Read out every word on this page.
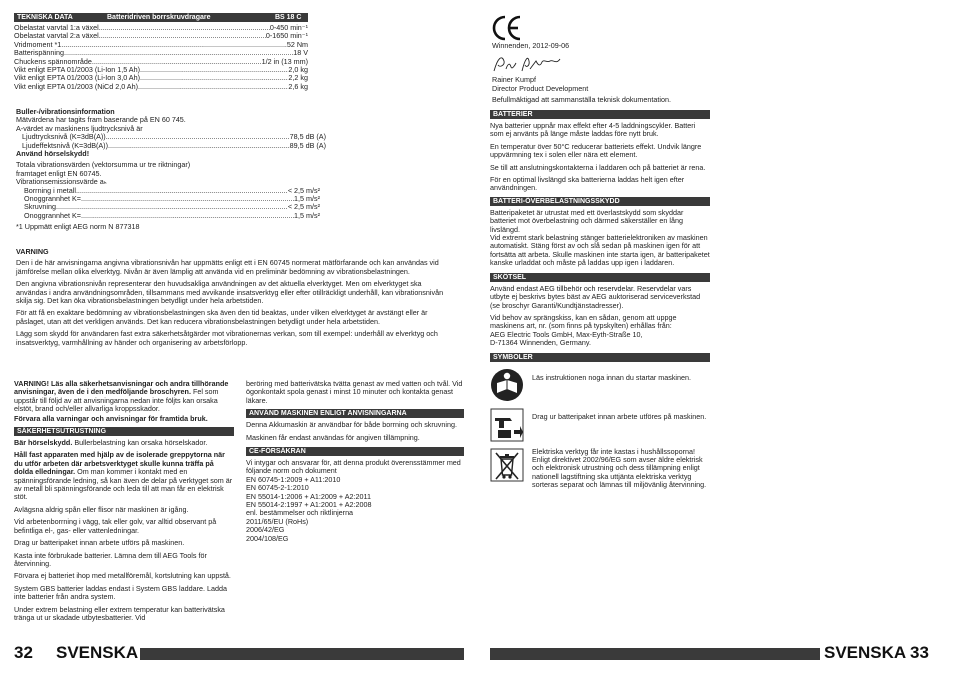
TEKNISKA DATA	Batteridriven borrskruvdragare	BS 18 C
Obelastat varvtal 1:a växel .....	0-450 min⁻¹
Obelastat varvtal 2:a växel .....	0-1650 min⁻¹
Vridmoment *1 .....	52 Nm
Batterispänning .....	18 V
Chuckens spännområde .....	1/2 in (13 mm)
Vikt enligt EPTA 01/2003 (Li-Ion 1,5 Ah) .....	2,0 kg
Vikt enligt EPTA 01/2003 (Li-Ion 3,0 Ah) .....	2,2 kg
Vikt enligt EPTA 01/2003 (NiCd 2,0 Ah) .....	2,6 kg
Buller-/vibrationsinformation
Mätvärdena har tagits fram baserande på EN 60 745.
A-värdet av maskinens ljudtrycksnivå är
Ljudtrycksnivå (K=3dB(A)) .....	78,5 dB (A)
Ljudeffektsnivå (K=3dB(A)) .....	89,5 dB (A)
Använd hörselskydd!
Totala vibrationsvärden (vektorsumma ur tre riktningar)
framtaget enligt EN 60745.
Vibrationsemissionsvärde aₕ
Borrning i metall .....	< 2,5 m/s²
Onoggrannhet K= .....	1,5 m/s²
Skruvning .....	< 2,5 m/s²
Onoggrannhet K= .....	1,5 m/s²
*1 Uppmätt enligt AEG norm N 877318
VARNING

Den i de här anvisningarna angivna vibrationsnivån har uppmätts enligt ett i EN 60745 normerat mätförfarande och kan användas vid jämförelse mellan olika elverktyg. Nivån är även lämplig att använda vid en preliminär bedömning av vibrationsbelastningen.

Den angivna vibrationsnivån representerar den huvudsakliga användningen av det aktuella elverktyget. Men om elverktyget ska användas i andra användningsområden, tillsammans med avvikande insatsverktyg eller efter otillräckligt underhåll, kan vibrationsnivån skilja sig. Det kan öka vibrationsbelastningen betydligt under hela arbetstiden.

För att få en exaktare bedömning av vibrationsbelastningen ska även den tid beaktas, under vilken elverktyget är avstängt eller är påslaget, utan att det verkligen används. Det kan reducera vibrationsbelastningen betydligt under hela arbetstiden.

Lägg som skydd för användaren fast extra säkerhetsåtgärder mot vibrationernas verkan, som till exempel: underhåll av elverktyg och insatsverktyg, varmhållning av händer och organisering av arbetsförlopp.

VARNING! Läs alla säkerhetsanvisningar och andra tillhörande anvisningar, även de i den medföljande broschyren. Fel som uppstår till följd av att anvisningarna nedan inte följts kan orsaka elstöt, brand och/eller allvarliga kroppsskador.

Förvara alla varningar och anvisningar för framtida bruk.

SÄKERHETSUTRUSTNING

Bär hörselskydd. Bullerbelastning kan orsaka hörselskador.

Håll fast apparaten med hjälp av de isolerade greppytorna när du utför arbeten där arbetsverktyget skulle kunna träffa på dolda elledningar. Om man kommer i kontakt med en spänningsförande ledning, så kan även de delar på verktyget som är av metall bli spänningsförande och leda till att man får en elektrisk stöt.

Avlägsna aldrig spån eller flisor när maskinen är igång.

Vid arbetenborrning i vägg, tak eller golv, var alltid observant på befintliga el-, gas- eller vattenledningar.

Drag ur batteripaket innan arbete utförs på maskinen.

Kasta inte förbrukade batterier. Lämna dem till AEG Tools för återvinning.

Förvara ej batteriet ihop med metallföremål, kortslutning kan uppstå.

System GBS batterier laddas endast i System GBS laddare. Ladda inte batterier från andra system.

Under extrem belastning eller extrem temperatur kan batterivätska tränga ut ur skadade utbytesbatterier. Vid

beröring med batterivätska tvätta genast av med vatten och tvål. Vid ögonkontakt spola genast i minst 10 minuter och kontakta genast läkare.

ANVÄND MASKINEN ENLIGT ANVISNINGARNA

Denna Akkumaskin är användbar för både borrning och skruvning.

Maskinen får endast användas för angiven tillämpning.

CE-FÖRSÄKRAN

Vi intygar och ansvarar för, att denna produkt överensstämmer med följande norm och dokument
EN 60745-1:2009 + A11:2010
EN 60745-2-1:2010
EN 55014-1:2006 + A1:2009 + A2:2011
EN 55014-2:1997 + A1:2001 + A2:2008
enl. bestämmelser och riktlinjerna
2011/65/EU (RoHs)
2006/42/EG
2004/108/EG

32 SVENSKA
Winnenden, 2012-09-06
Rainer Kumpf
Director Product Development
Befullmäktigad att sammanställa teknisk dokumentation.
BATTERIER

Nya batterier uppnår max effekt efter 4-5 laddningscykler. Batteri som ej använts på länge måste laddas före nytt bruk.

En temperatur över 50°C reducerar batteriets effekt. Undvik längre uppvärmning tex i solen eller nära ett element.

Se till att anslutningskontakterna i laddaren och på batteriet är rena.

För en optimal livslängd ska batterierna laddas helt igen efter användningen.

BATTERI-ÖVERBELASTNINGSSKYDD

Batteripaketet är utrustat med ett överlastskydd som skyddar batteriet mot överbelastning och därmed säkerställer en lång livslängd.
Vid extremt stark belastning stänger batterielektroniken av maskinen automatiskt. Stäng först av och slå sedan på maskinen igen för att fortsätta att arbeta. Skulle maskinen inte starta igen, är batteripaketet kanske urladdat och måste på laddas upp igen i laddaren.

SKÖTSEL

Använd endast AEG tillbehör och reservdelar. Reservdelar vars utbyte ej beskrivs bytes bäst av AEG auktoriserad serviceverkstad (se broschyr Garanti/Kundtjänstadresser).

Vid behov av sprängskiss, kan en sådan, genom att uppge maskinens art, nr. (som finns på typskylten) erhållas från:
AEG Electric Tools GmbH, Max-Eyth-Straße 10,
D-71364 Winnenden, Germany.

SYMBOLER
Läs instruktionen noga innan du startar maskinen.
Drag ur batteripaket innan arbete utföres på maskinen.
Elektriska verktyg får inte kastas i hushållssoporna! Enligt direktivet 2002/96/EG som avser äldre elektrisk och elektronisk utrustning och dess tillämpning enligt nationell lagstiftning ska uttjänta elektriska verktyg sorteras separat och lämnas till miljövänlig återvinning.
SVENSKA 33
